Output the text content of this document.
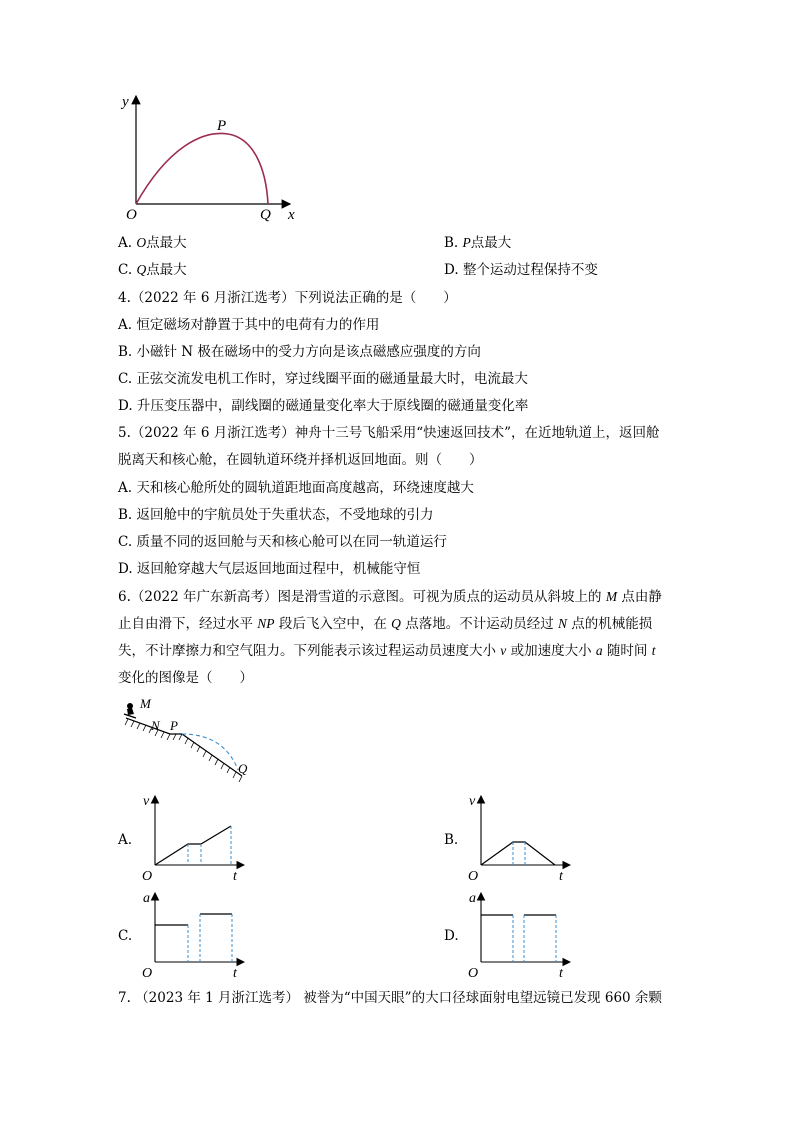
y
x
O
P
Q
A. O点最大	B. P点最大
C. Q点最大	D. 整个运动过程保持不变
4.（2022 年 6 月浙江选考）下列说法正确的是（　　）
A. 恒定磁场对静置于其中的电荷有力的作用
B. 小磁针 N 极在磁场中的受力方向是该点磁感应强度的方向
C. 正弦交流发电机工作时，穿过线圈平面的磁通量最大时，电流最大
D. 升压变压器中，副线圈的磁通量变化率大于原线圈的磁通量变化率
5.（2022 年 6 月浙江选考）神舟十三号飞船采用“快速返回技术”，在近地轨道上，返回舱
脱离天和核心舱，在圆轨道环绕并择机返回地面。则（　　）
A. 天和核心舱所处的圆轨道距地面高度越高，环绕速度越大
B. 返回舱中的宇航员处于失重状态，不受地球的引力
C. 质量不同的返回舱与天和核心舱可以在同一轨道运行
D. 返回舱穿越大气层返回地面过程中，机械能守恒
6.（2022 年广东新高考）图是滑雪道的示意图。可视为质点的运动员从斜坡上的 M 点由静
止自由滑下，经过水平 NP 段后飞入空中，在 Q 点落地。不计运动员经过 N 点的机械能损
失，不计摩擦力和空气阻力。下列能表示该过程运动员速度大小 v 或加速度大小 a 随时间 t
变化的图像是（　　）
M
N P
Q
A.
v
t
O
B.
v
t
O
C.
a
t
O
D.
a
t
O
7. （2023 年 1 月浙江选考） 被誉为“中国天眼”的大口径球面射电望远镜已发现 660 余颗
